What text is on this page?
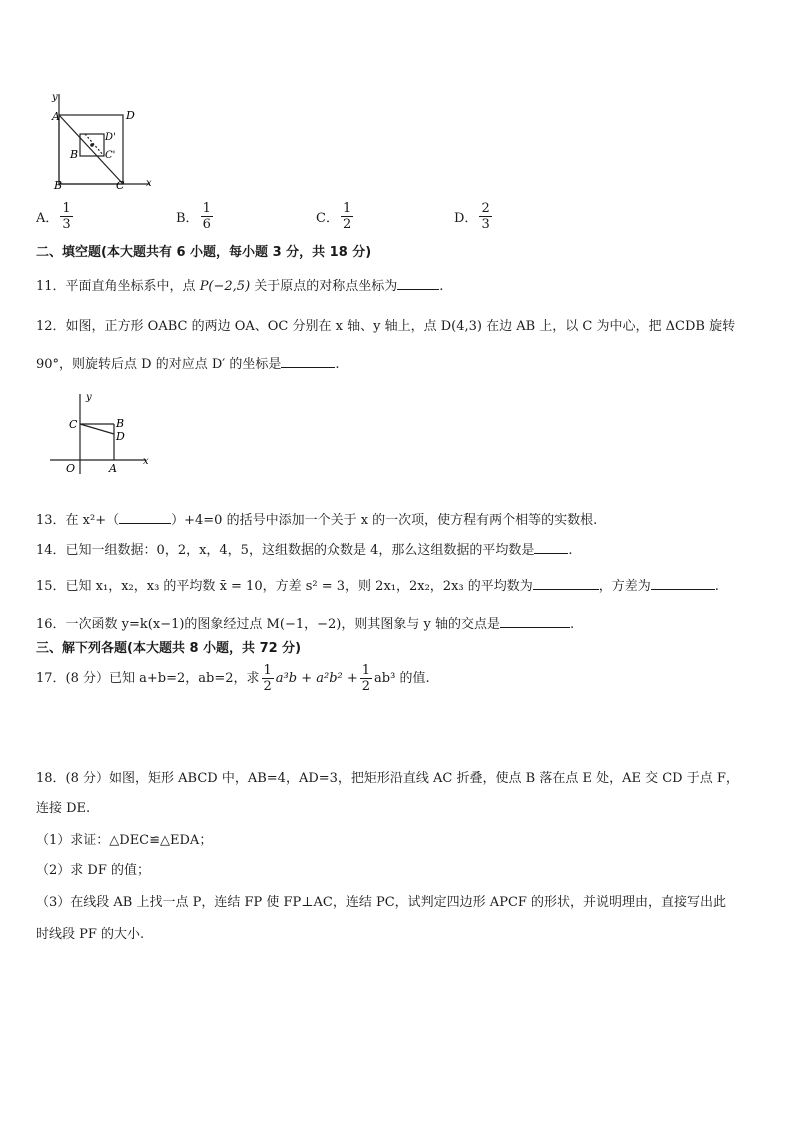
y
x
A
B
D
C
B
D'
C'
A． $\frac{1}{3}$	B． $\frac{1}{6}$	C． $\frac{1}{2}$	D． $\frac{2}{3}$
二、填空题(本大题共有 6 小题，每小题 3 分，共 18 分)
11．平面直角坐标系中，点 P(−2,5) 关于原点的对称点坐标为	.
12．如图，正方形 OABC 的两边 OA、OC 分别在 x 轴、y 轴上，点 D(4,3) 在边 AB 上，以 C 为中心，把 ΔCDB 旋转
90°，则旋转后点 D 的对应点 D′ 的坐标是	.
y
x
C	B
D
O	A
13．在 x²+（	）+4=0 的括号中添加一个关于 x 的一次项，使方程有两个相等的实数根.
14．已知一组数据：0，2，x，4，5，这组数据的众数是 4，那么这组数据的平均数是	.
15．已知 x₁，x₂，x₃ 的平均数 x̄ = 10，方差 s² = 3，则 2x₁，2x₂，2x₃ 的平均数为	，方差为	.
16．一次函数 y=k(x−1)的图象经过点 M(−1，−2)，则其图象与 y 轴的交点是	.
三、解下列各题(本大题共 8 小题，共 72 分)
17．(8 分）已知 a+b=2，ab=2，求 $\frac{1}{2} a^3b + a^2b^2 + \frac{1}{2} ab^3$ 的值.
18．(8 分）如图，矩形 ABCD 中，AB=4，AD=3，把矩形沿直线 AC 折叠，使点 B 落在点 E 处，AE 交 CD 于点 F，
连接 DE.
（1）求证：△DEC≌△EDA；
（2）求 DF 的值；
（3）在线段 AB 上找一点 P，连结 FP 使 FP⊥AC，连结 PC，试判定四边形 APCF 的形状，并说明理由，直接写出此
时线段 PF 的大小.
